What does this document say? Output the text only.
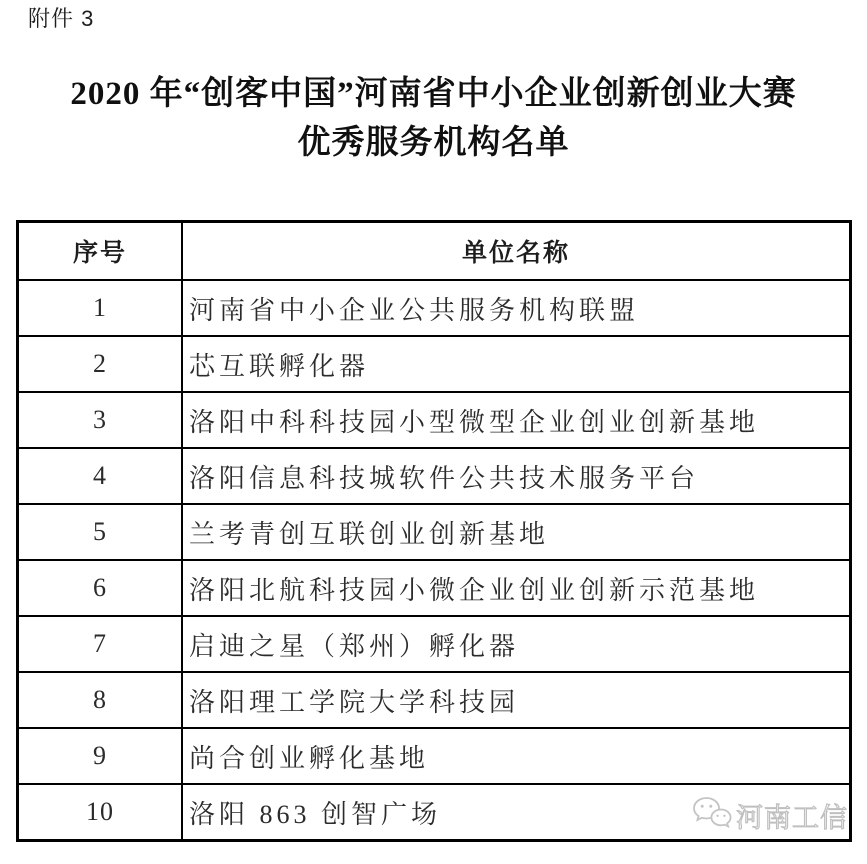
附件 3
2020 年“创客中国”河南省中小企业创新创业大赛
优秀服务机构名单
序号	单位名称
1	河南省中小企业公共服务机构联盟
2	芯互联孵化器
3	洛阳中科科技园小型微型企业创业创新基地
4	洛阳信息科技城软件公共技术服务平台
5	兰考青创互联创业创新基地
6	洛阳北航科技园小微企业创业创新示范基地
7	启迪之星（郑州）孵化器
8	洛阳理工学院大学科技园
9	尚合创业孵化基地
10	洛阳 863 创智广场	河南工信
